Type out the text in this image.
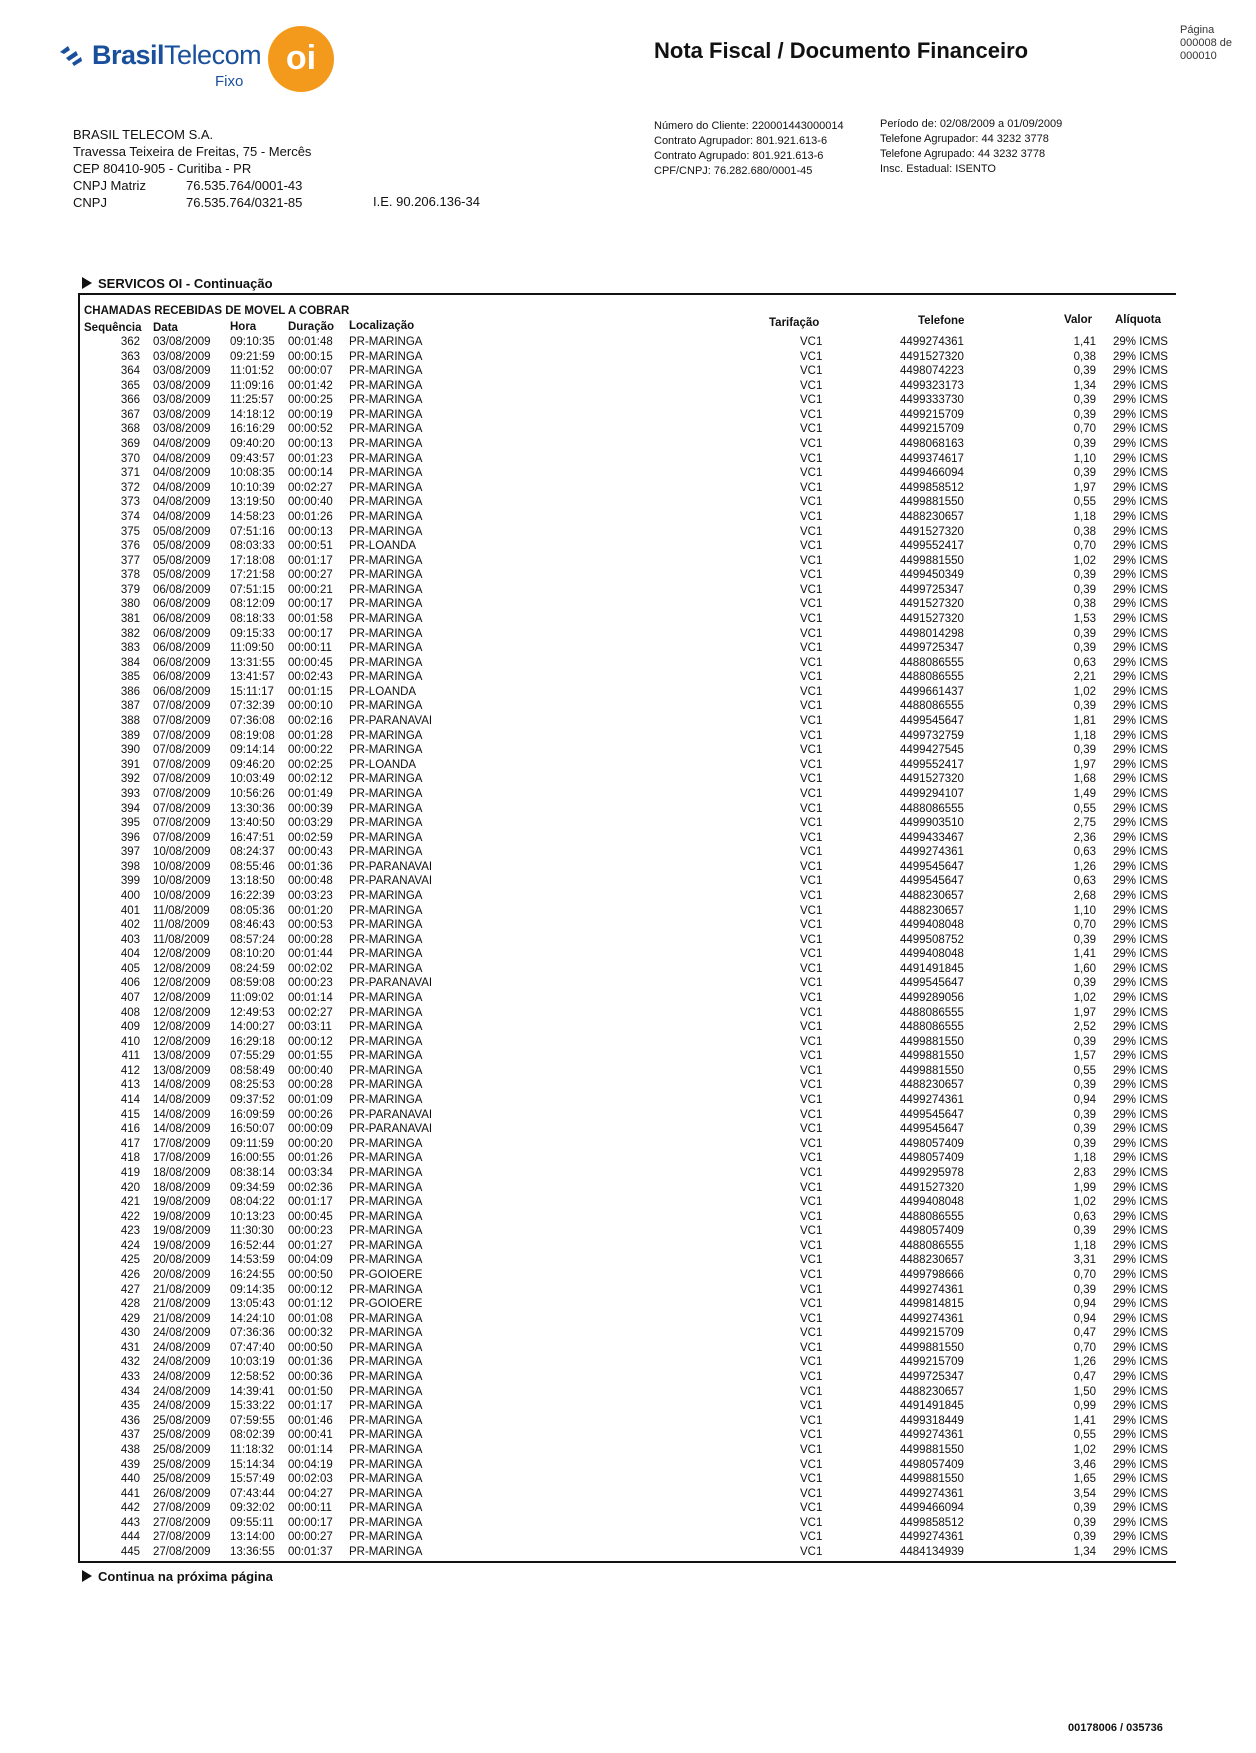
BrasilTelecom
Fixo
oi	Nota Fiscal / Documento Financeiro
Página
000008 de
000010
BRASIL TELECOM S.A.
Travessa Teixeira de Freitas, 75 - Mercês
CEP 80410-905 - Curitiba - PR
CNPJ Matriz	76.535.764/0001-43
CNPJ	76.535.764/0321-85	I.E. 90.206.136-34
Número do Cliente: 220001443000014
Contrato Agrupador: 801.921.613-6
Contrato Agrupado: 801.921.613-6
CPF/CNPJ: 76.282.680/0001-45
Período de: 02/08/2009 a 01/09/2009
Telefone Agrupador: 44 3232 3778
Telefone Agrupado: 44 3232 3778
Insc. Estadual: ISENTO
SERVICOS OI - Continuação
CHAMADAS RECEBIDAS DE MOVEL A COBRAR
Sequência Data	Hora	Duração Localização	Tarifação	Telefone	Valor Alíquota
362 03/08/2009 09:10:35 00:01:48 PR-MARINGA	VC1	4499274361	1,41 29% ICMS
363 03/08/2009 09:21:59 00:00:15 PR-MARINGA	VC1	4491527320	0,38 29% ICMS
364 03/08/2009 11:01:52 00:00:07 PR-MARINGA	VC1	4498074223	0,39 29% ICMS
365 03/08/2009 11:09:16 00:01:42 PR-MARINGA	VC1	4499323173	1,34 29% ICMS
366 03/08/2009 11:25:57 00:00:25 PR-MARINGA	VC1	4499333730	0,39 29% ICMS
367 03/08/2009 14:18:12 00:00:19 PR-MARINGA	VC1	4499215709	0,39 29% ICMS
368 03/08/2009 16:16:29 00:00:52 PR-MARINGA	VC1	4499215709	0,70 29% ICMS
369 04/08/2009 09:40:20 00:00:13 PR-MARINGA	VC1	4498068163	0,39 29% ICMS
370 04/08/2009 09:43:57 00:01:23 PR-MARINGA	VC1	4499374617	1,10 29% ICMS
371 04/08/2009 10:08:35 00:00:14 PR-MARINGA	VC1	4499466094	0,39 29% ICMS
372 04/08/2009 10:10:39 00:02:27 PR-MARINGA	VC1	4499858512	1,97 29% ICMS
373 04/08/2009 13:19:50 00:00:40 PR-MARINGA	VC1	4499881550	0,55 29% ICMS
374 04/08/2009 14:58:23 00:01:26 PR-MARINGA	VC1	4488230657	1,18 29% ICMS
375 05/08/2009 07:51:16 00:00:13 PR-MARINGA	VC1	4491527320	0,38 29% ICMS
376 05/08/2009 08:03:33 00:00:51 PR-LOANDA	VC1	4499552417	0,70 29% ICMS
377 05/08/2009 17:18:08 00:01:17 PR-MARINGA	VC1	4499881550	1,02 29% ICMS
378 05/08/2009 17:21:58 00:00:27 PR-MARINGA	VC1	4499450349	0,39 29% ICMS
379 06/08/2009 07:51:15 00:00:21 PR-MARINGA	VC1	4499725347	0,39 29% ICMS
380 06/08/2009 08:12:09 00:00:17 PR-MARINGA	VC1	4491527320	0,38 29% ICMS
381 06/08/2009 08:18:33 00:01:58 PR-MARINGA	VC1	4491527320	1,53 29% ICMS
382 06/08/2009 09:15:33 00:00:17 PR-MARINGA	VC1	4498014298	0,39 29% ICMS
383 06/08/2009 11:09:50 00:00:11 PR-MARINGA	VC1	4499725347	0,39 29% ICMS
384 06/08/2009 13:31:55 00:00:45 PR-MARINGA	VC1	4488086555	0,63 29% ICMS
385 06/08/2009 13:41:57 00:02:43 PR-MARINGA	VC1	4488086555	2,21 29% ICMS
386 06/08/2009 15:11:17 00:01:15 PR-LOANDA	VC1	4499661437	1,02 29% ICMS
387 07/08/2009 07:32:39 00:00:10 PR-MARINGA	VC1	4488086555	0,39 29% ICMS
388 07/08/2009 07:36:08 00:02:16 PR-PARANAVAI	VC1	4499545647	1,81 29% ICMS
389 07/08/2009 08:19:08 00:01:28 PR-MARINGA	VC1	4499732759	1,18 29% ICMS
390 07/08/2009 09:14:14 00:00:22 PR-MARINGA	VC1	4499427545	0,39 29% ICMS
391 07/08/2009 09:46:20 00:02:25 PR-LOANDA	VC1	4499552417	1,97 29% ICMS
392 07/08/2009 10:03:49 00:02:12 PR-MARINGA	VC1	4491527320	1,68 29% ICMS
393 07/08/2009 10:56:26 00:01:49 PR-MARINGA	VC1	4499294107	1,49 29% ICMS
394 07/08/2009 13:30:36 00:00:39 PR-MARINGA	VC1	4488086555	0,55 29% ICMS
395 07/08/2009 13:40:50 00:03:29 PR-MARINGA	VC1	4499903510	2,75 29% ICMS
396 07/08/2009 16:47:51 00:02:59 PR-MARINGA	VC1	4499433467	2,36 29% ICMS
397 10/08/2009 08:24:37 00:00:43 PR-MARINGA	VC1	4499274361	0,63 29% ICMS
398 10/08/2009 08:55:46 00:01:36 PR-PARANAVAI	VC1	4499545647	1,26 29% ICMS
399 10/08/2009 13:18:50 00:00:48 PR-PARANAVAI	VC1	4499545647	0,63 29% ICMS
400 10/08/2009 16:22:39 00:03:23 PR-MARINGA	VC1	4488230657	2,68 29% ICMS
401 11/08/2009 08:05:36 00:01:20 PR-MARINGA	VC1	4488230657	1,10 29% ICMS
402 11/08/2009 08:46:43 00:00:53 PR-MARINGA	VC1	4499408048	0,70 29% ICMS
403 11/08/2009 08:57:24 00:00:28 PR-MARINGA	VC1	4499508752	0,39 29% ICMS
404 12/08/2009 08:10:20 00:01:44 PR-MARINGA	VC1	4499408048	1,41 29% ICMS
405 12/08/2009 08:24:59 00:02:02 PR-MARINGA	VC1	4491491845	1,60 29% ICMS
406 12/08/2009 08:59:08 00:00:23 PR-PARANAVAI	VC1	4499545647	0,39 29% ICMS
407 12/08/2009 11:09:02 00:01:14 PR-MARINGA	VC1	4499289056	1,02 29% ICMS
408 12/08/2009 12:49:53 00:02:27 PR-MARINGA	VC1	4488086555	1,97 29% ICMS
409 12/08/2009 14:00:27 00:03:11 PR-MARINGA	VC1	4488086555	2,52 29% ICMS
410 12/08/2009 16:29:18 00:00:12 PR-MARINGA	VC1	4499881550	0,39 29% ICMS
411 13/08/2009 07:55:29 00:01:55 PR-MARINGA	VC1	4499881550	1,57 29% ICMS
412 13/08/2009 08:58:49 00:00:40 PR-MARINGA	VC1	4499881550	0,55 29% ICMS
413 14/08/2009 08:25:53 00:00:28 PR-MARINGA	VC1	4488230657	0,39 29% ICMS
414 14/08/2009 09:37:52 00:01:09 PR-MARINGA	VC1	4499274361	0,94 29% ICMS
415 14/08/2009 16:09:59 00:00:26 PR-PARANAVAI	VC1	4499545647	0,39 29% ICMS
416 14/08/2009 16:50:07 00:00:09 PR-PARANAVAI	VC1	4499545647	0,39 29% ICMS
417 17/08/2009 09:11:59 00:00:20 PR-MARINGA	VC1	4498057409	0,39 29% ICMS
418 17/08/2009 16:00:55 00:01:26 PR-MARINGA	VC1	4498057409	1,18 29% ICMS
419 18/08/2009 08:38:14 00:03:34 PR-MARINGA	VC1	4499295978	2,83 29% ICMS
420 18/08/2009 09:34:59 00:02:36 PR-MARINGA	VC1	4491527320	1,99 29% ICMS
421 19/08/2009 08:04:22 00:01:17 PR-MARINGA	VC1	4499408048	1,02 29% ICMS
422 19/08/2009 10:13:23 00:00:45 PR-MARINGA	VC1	4488086555	0,63 29% ICMS
423 19/08/2009 11:30:30 00:00:23 PR-MARINGA	VC1	4498057409	0,39 29% ICMS
424 19/08/2009 16:52:44 00:01:27 PR-MARINGA	VC1	4488086555	1,18 29% ICMS
425 20/08/2009 14:53:59 00:04:09 PR-MARINGA	VC1	4488230657	3,31 29% ICMS
426 20/08/2009 16:24:55 00:00:50 PR-GOIOERE	VC1	4499798666	0,70 29% ICMS
427 21/08/2009 09:14:35 00:00:12 PR-MARINGA	VC1	4499274361	0,39 29% ICMS
428 21/08/2009 13:05:43 00:01:12 PR-GOIOERE	VC1	4499814815	0,94 29% ICMS
429 21/08/2009 14:24:10 00:01:08 PR-MARINGA	VC1	4499274361	0,94 29% ICMS
430 24/08/2009 07:36:36 00:00:32 PR-MARINGA	VC1	4499215709	0,47 29% ICMS
431 24/08/2009 07:47:40 00:00:50 PR-MARINGA	VC1	4499881550	0,70 29% ICMS
432 24/08/2009 10:03:19 00:01:36 PR-MARINGA	VC1	4499215709	1,26 29% ICMS
433 24/08/2009 12:58:52 00:00:36 PR-MARINGA	VC1	4499725347	0,47 29% ICMS
434 24/08/2009 14:39:41 00:01:50 PR-MARINGA	VC1	4488230657	1,50 29% ICMS
435 24/08/2009 15:33:22 00:01:17 PR-MARINGA	VC1	4491491845	0,99 29% ICMS
436 25/08/2009 07:59:55 00:01:46 PR-MARINGA	VC1	4499318449	1,41 29% ICMS
437 25/08/2009 08:02:39 00:00:41 PR-MARINGA	VC1	4499274361	0,55 29% ICMS
438 25/08/2009 11:18:32 00:01:14 PR-MARINGA	VC1	4499881550	1,02 29% ICMS
439 25/08/2009 15:14:34 00:04:19 PR-MARINGA	VC1	4498057409	3,46 29% ICMS
440 25/08/2009 15:57:49 00:02:03 PR-MARINGA	VC1	4499881550	1,65 29% ICMS
441 26/08/2009 07:43:44 00:04:27 PR-MARINGA	VC1	4499274361	3,54 29% ICMS
442 27/08/2009 09:32:02 00:00:11 PR-MARINGA	VC1	4499466094	0,39 29% ICMS
443 27/08/2009 09:55:11 00:00:17 PR-MARINGA	VC1	4499858512	0,39 29% ICMS
444 27/08/2009 13:14:00 00:00:27 PR-MARINGA	VC1	4499274361	0,39 29% ICMS
445 27/08/2009 13:36:55 00:01:37 PR-MARINGA	VC1	4484134939	1,34 29% ICMS
Continua na próxima página
00178006 / 035736
